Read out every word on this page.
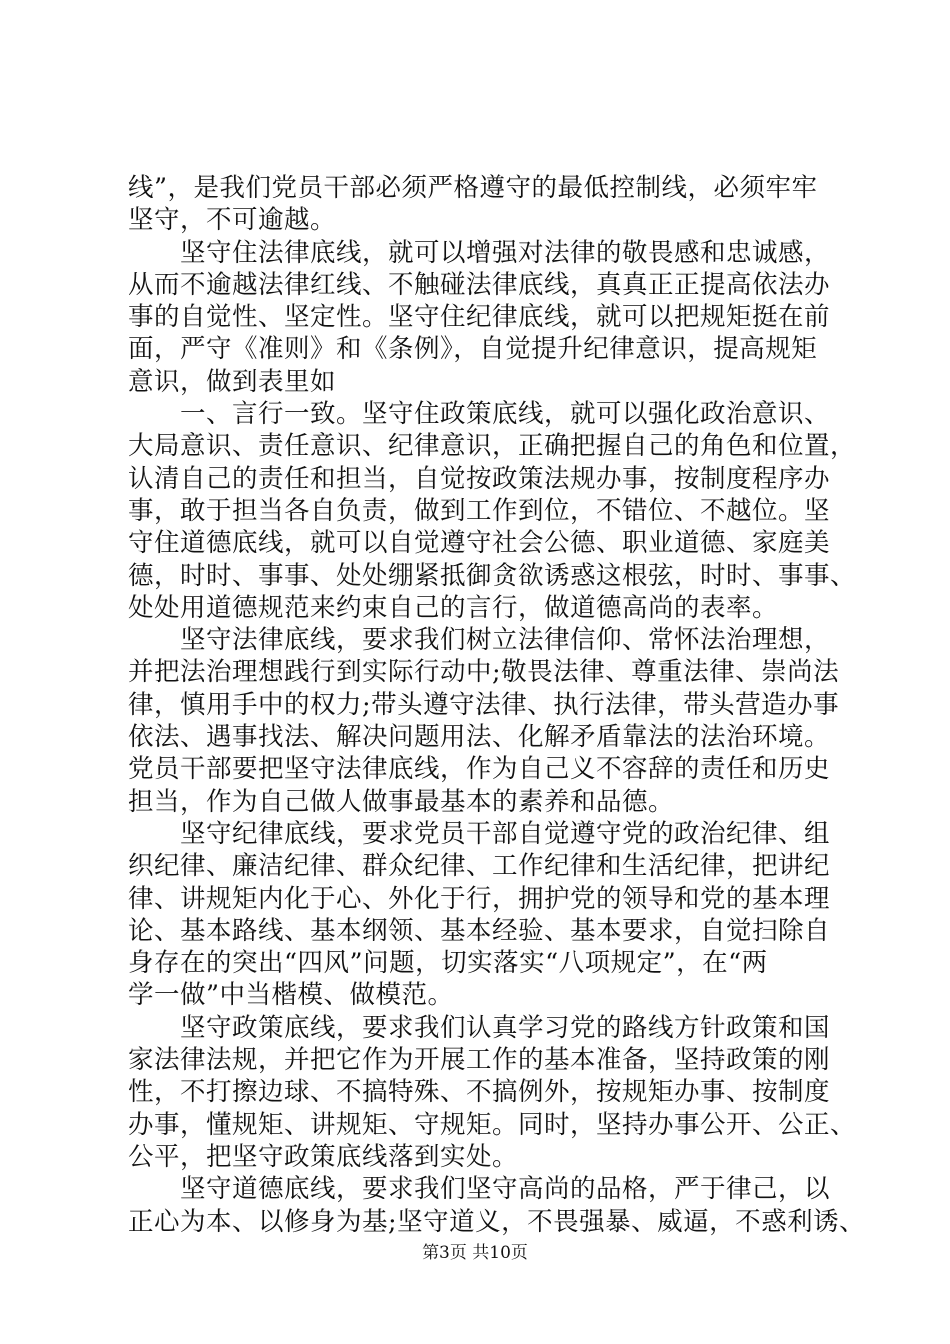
线”，是我们党员干部必须严格遵守的最低控制线，必须牢牢
坚守，不可逾越。
　　坚守住法律底线，就可以增强对法律的敬畏感和忠诚感，
从而不逾越法律红线、不触碰法律底线，真真正正提高依法办
事的自觉性、坚定性。坚守住纪律底线，就可以把规矩挺在前
面，严守《准则》和《条例》，自觉提升纪律意识，提高规矩
意识，做到表里如
　　一、言行一致。坚守住政策底线，就可以强化政治意识、
大局意识、责任意识、纪律意识，正确把握自己的角色和位置，
认清自己的责任和担当，自觉按政策法规办事，按制度程序办
事，敢于担当各自负责，做到工作到位，不错位、不越位。坚
守住道德底线，就可以自觉遵守社会公德、职业道德、家庭美
德，时时、事事、处处绷紧抵御贪欲诱惑这根弦，时时、事事、
处处用道德规范来约束自己的言行，做道德高尚的表率。
　　坚守法律底线，要求我们树立法律信仰、常怀法治理想，
并把法治理想践行到实际行动中;敬畏法律、尊重法律、崇尚法
律，慎用手中的权力;带头遵守法律、执行法律，带头营造办事
依法、遇事找法、解决问题用法、化解矛盾靠法的法治环境。
党员干部要把坚守法律底线，作为自己义不容辞的责任和历史
担当，作为自己做人做事最基本的素养和品德。
　　坚守纪律底线，要求党员干部自觉遵守党的政治纪律、组
织纪律、廉洁纪律、群众纪律、工作纪律和生活纪律，把讲纪
律、讲规矩内化于心、外化于行，拥护党的领导和党的基本理
论、基本路线、基本纲领、基本经验、基本要求，自觉扫除自
身存在的突出“四风”问题，切实落实“八项规定”，在“两
学一做”中当楷模、做模范。
　　坚守政策底线，要求我们认真学习党的路线方针政策和国
家法律法规，并把它作为开展工作的基本准备，坚持政策的刚
性，不打擦边球、不搞特殊、不搞例外，按规矩办事、按制度
办事，懂规矩、讲规矩、守规矩。同时，坚持办事公开、公正、
公平，把坚守政策底线落到实处。
　　坚守道德底线，要求我们坚守高尚的品格，严于律己，以
正心为本、以修身为基;坚守道义，不畏强暴、威逼，不惑利诱、
第3页 共10页
